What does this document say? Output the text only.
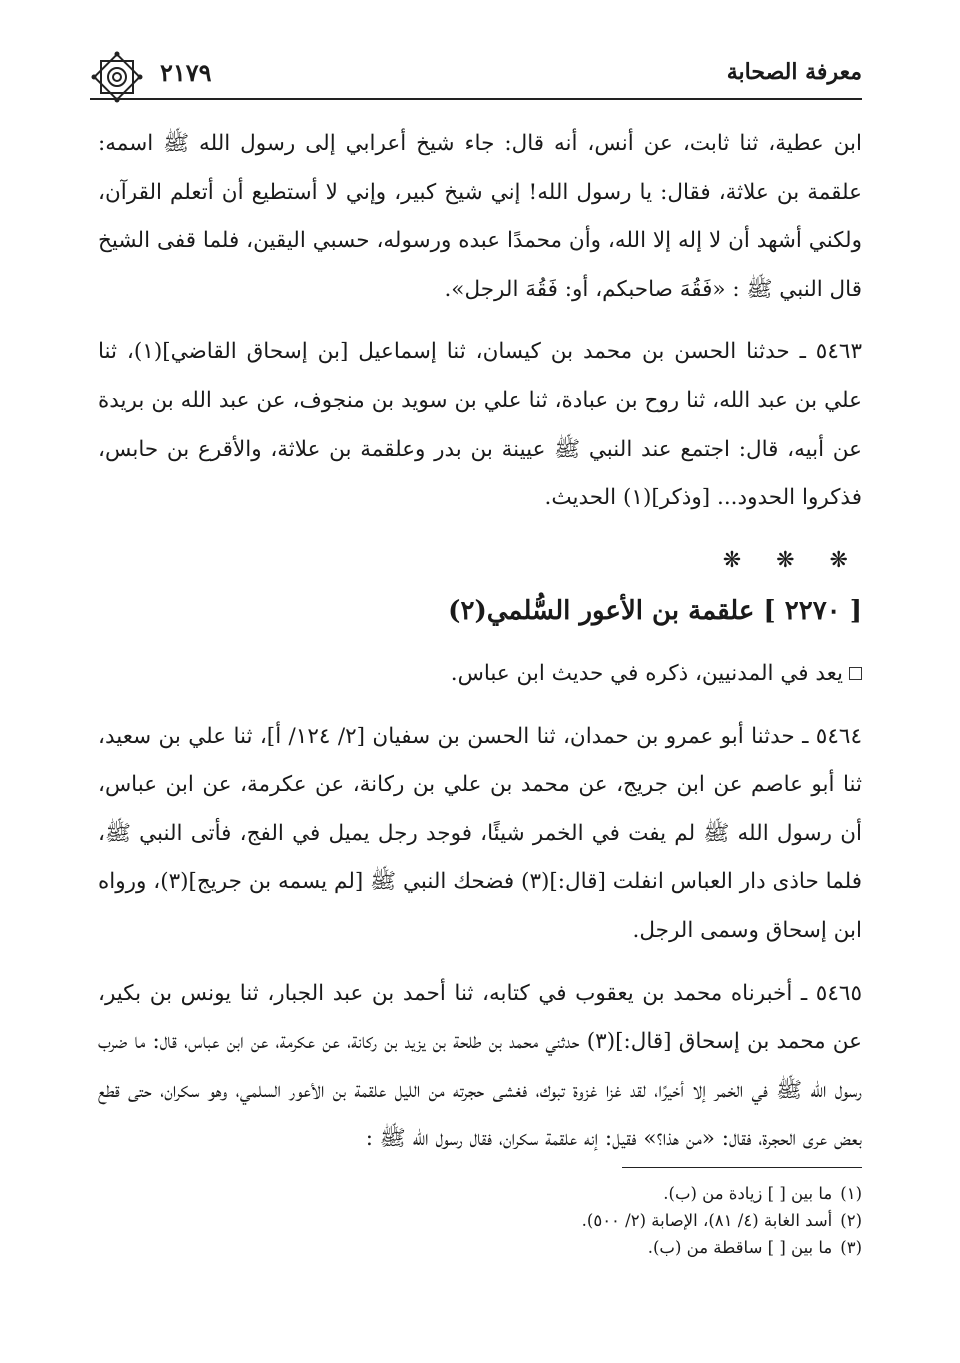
معرفة الصحابة
٢١٧٩

ابن عطية، ثنا ثابت، عن أنس، أنه قال: جاء شيخ أعرابي إلى رسول الله ﷺ اسمه: علقمة بن علاثة، فقال: يا رسول الله! إني شيخ كبير، وإني لا أستطيع أن أتعلم القرآن، ولكني أشهد أن لا إله إلا الله، وأن محمدًا عبده ورسوله، حسبي اليقين، فلما قفى الشيخ قال النبي ﷺ : «فَقُهَ صاحبكم، أو: فَقُهَ الرجل».

٥٤٦٣ ـ حدثنا الحسن بن محمد بن كيسان، ثنا إسماعيل [بن إسحاق القاضي](١)، ثنا علي بن عبد الله، ثنا روح بن عبادة، ثنا علي بن سويد بن منجوف، عن عبد الله بن بريدة عن أبيه، قال: اجتمع عند النبي ﷺ عيينة بن بدر وعلقمة بن علاثة، والأقرع بن حابس، فذكروا الحدود... [وذكر](١) الحديث.

❋ ❋ ❋
[ ٢٢٧٠ ] علقمة بن الأعور السُّلمي(٢)

يعد في المدنيين، ذكره في حديث ابن عباس.

٥٤٦٤ ـ حدثنا أبو عمرو بن حمدان، ثنا الحسن بن سفيان [٢/ ١٢٤/ أ]، ثنا علي بن سعيد، ثنا أبو عاصم عن ابن جريج، عن محمد بن علي بن ركانة، عن عكرمة، عن ابن عباس، أن رسول الله ﷺ لم يفت في الخمر شيئًا، فوجد رجل يميل في الفج، فأتى النبي ﷺ، فلما حاذى دار العباس انفلت [قال:](٣) فضحك النبي ﷺ [لم يسمه بن جريج](٣)، ورواه ابن إسحاق وسمى الرجل.

٥٤٦٥ ـ أخبرناه محمد بن يعقوب في كتابه، ثنا أحمد بن عبد الجبار، ثنا يونس بن بكير، عن محمد بن إسحاق [قال:](٣) حدثني محمد بن طلحة بن يزيد بن ركانة، عن عكرمة، عن ابن عباس، قال: ما ضرب رسول الله ﷺ في الخمر إلا أخيرًا، لقد غزا غزوة تبوك، فغشى حجرته من الليل علقمة بن الأعور السلمي، وهو سكران، حتى قطع بعض عرى الحجرة، فقال: «من هذا؟» فقيل: إنه علقمة سكران، فقال رسول الله ﷺ :

(١)ما بين [ ] زيادة من (ب).

(٢)أسد الغابة (٤/ ٨١)، الإصابة (٢/ ٥٠٠).

(٣)ما بين [ ] ساقطة من (ب).
